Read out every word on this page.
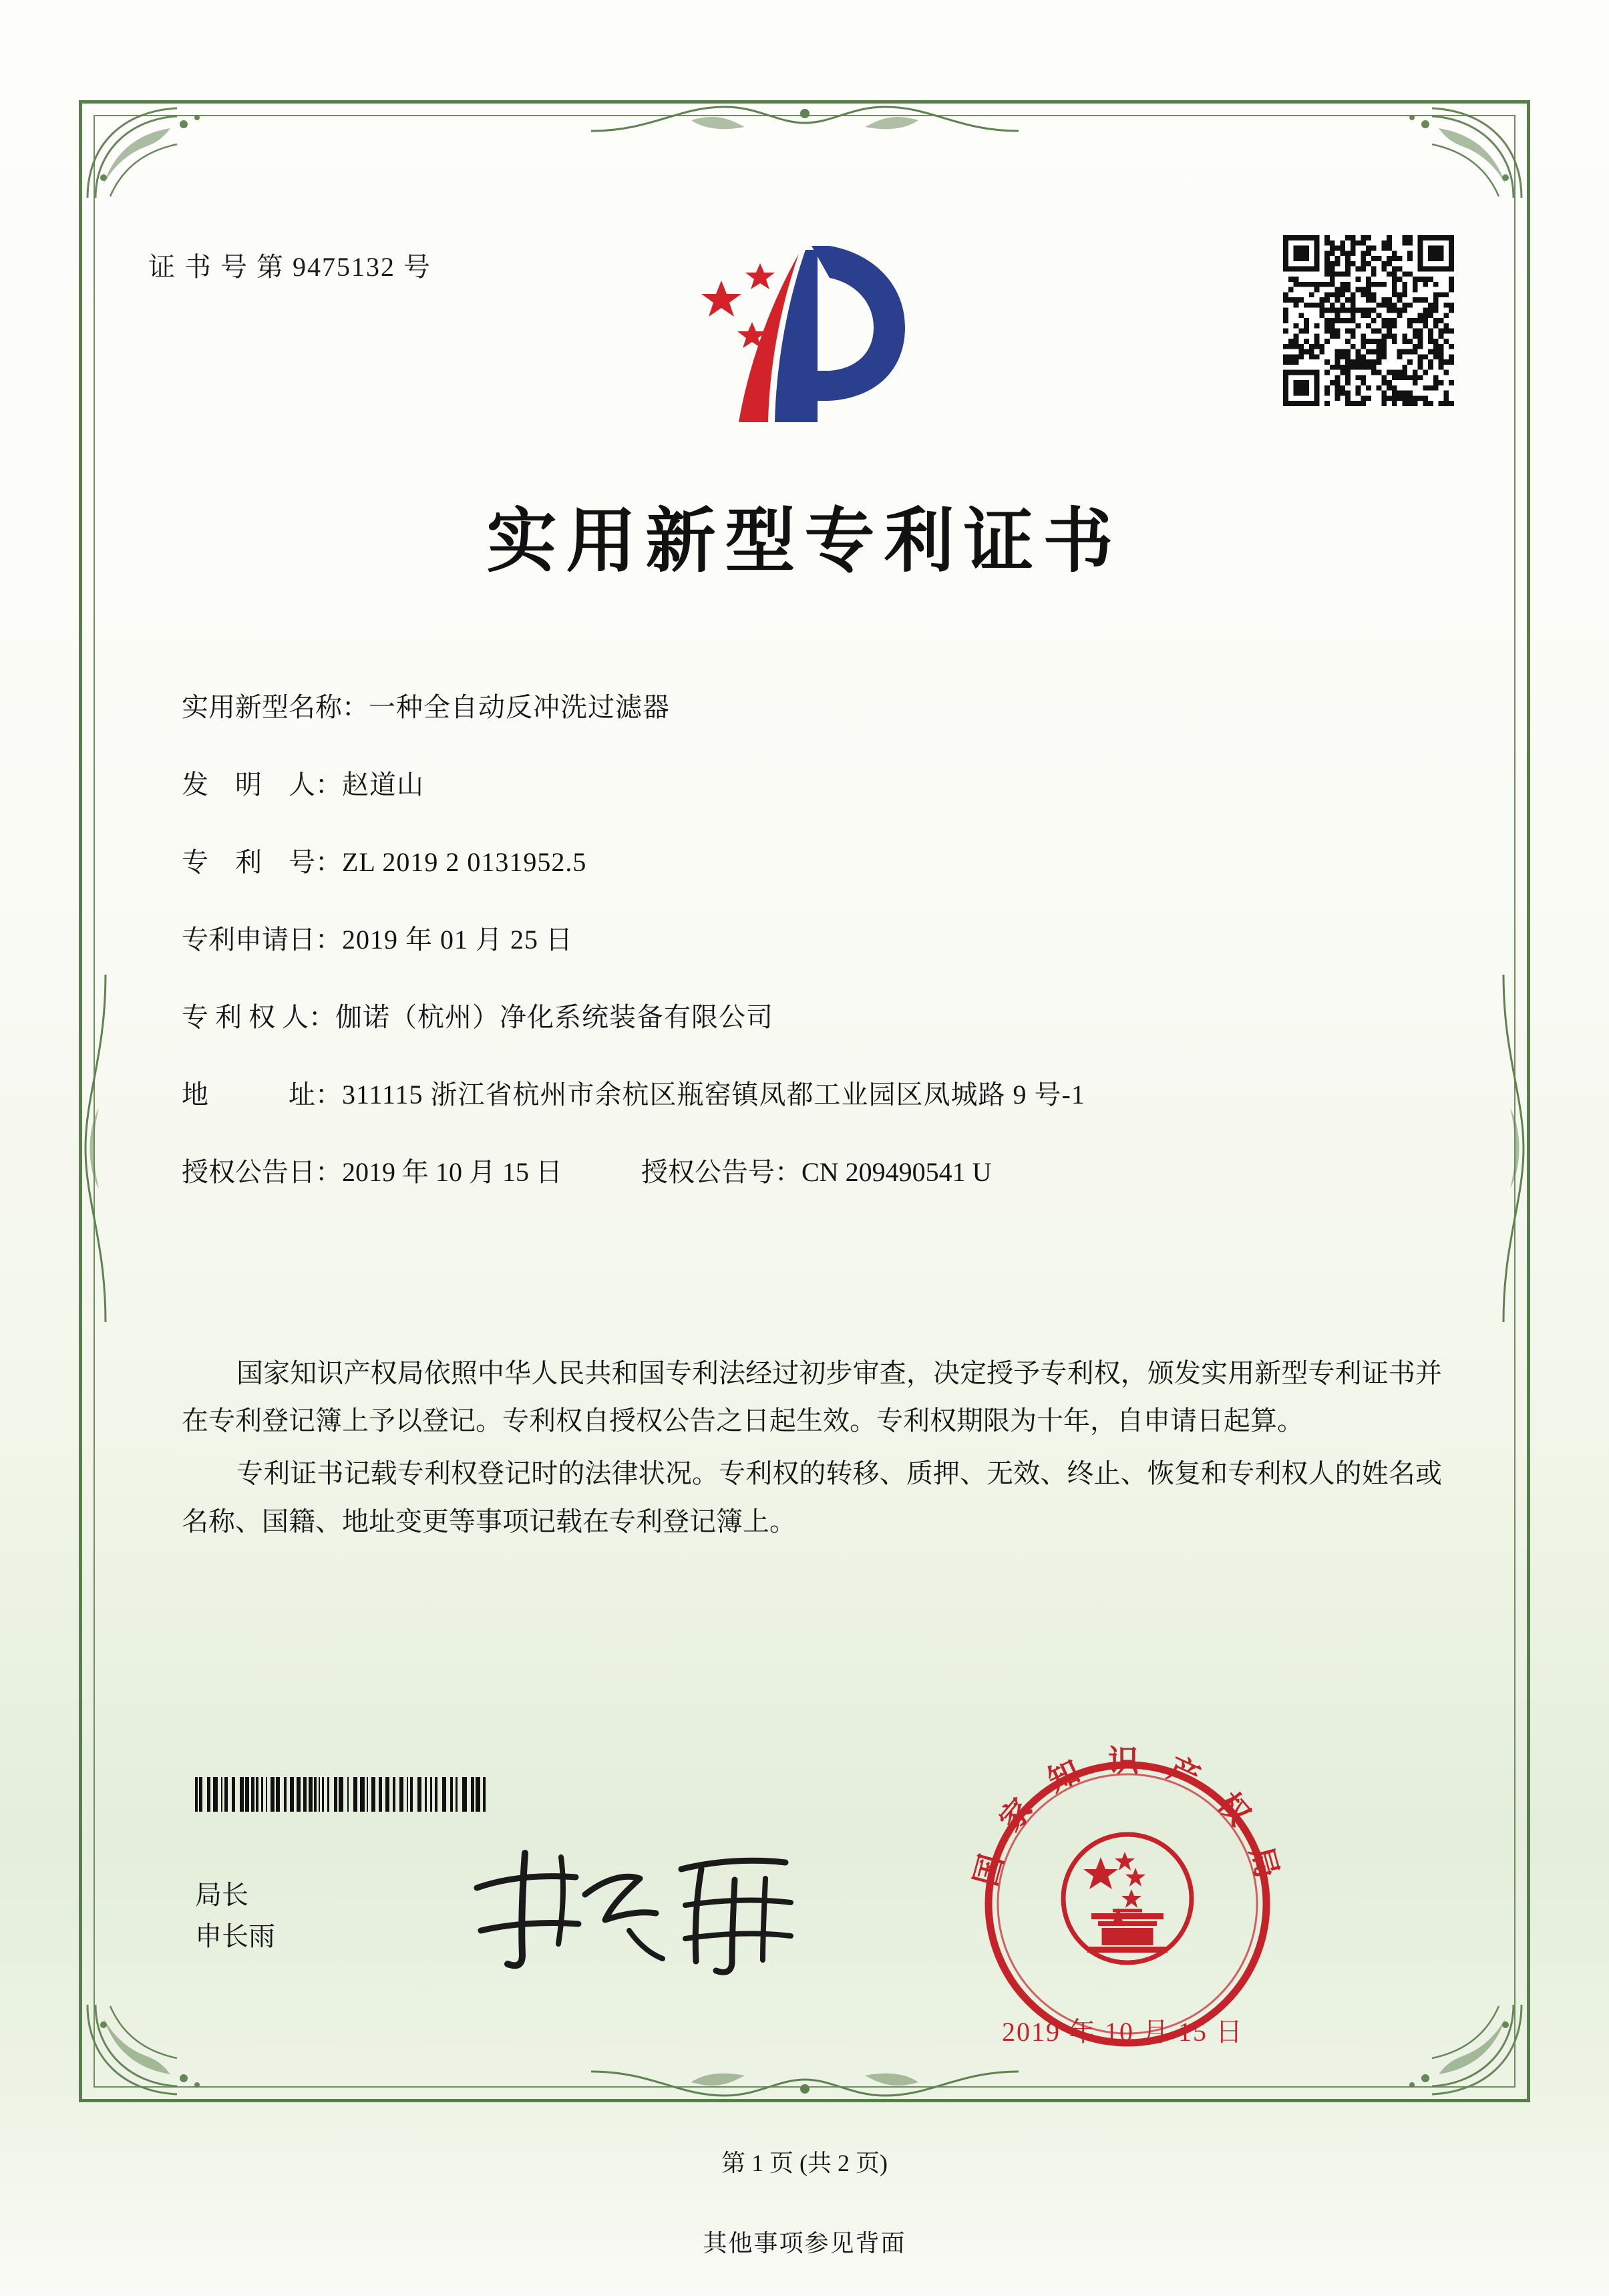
证 书 号 第 9475132 号
实用新型专利证书
实用新型名称： 一种全自动反冲洗过滤器
发　明　人： 赵道山
专　利　号： ZL 2019 2 0131952.5
专利申请日： 2019 年 01 月 25 日
专 利 权 人： 伽诺（杭州）净化系统装备有限公司
地　　　址： 311115 浙江省杭州市余杭区瓶窑镇凤都工业园区凤城路 9 号-1
授权公告日： 2019 年 10 月 15 日	授权公告号： CN 209490541 U

国家知识产权局依照中华人民共和国专利法经过初步审查，决定授予专利权，颁发实用新型专利证书并在专利登记簿上予以登记。专利权自授权公告之日起生效。专利权期限为十年，自申请日起算。

专利证书记载专利权登记时的法律状况。专利权的转移、质押、无效、终止、恢复和专利权人的姓名或名称、国籍、地址变更等事项记载在专利登记簿上。

局长
申长雨
国 家 知 识 产 权 局
2019 年 10 月 15 日
第 1 页 (共 2 页)
其他事项参见背面
